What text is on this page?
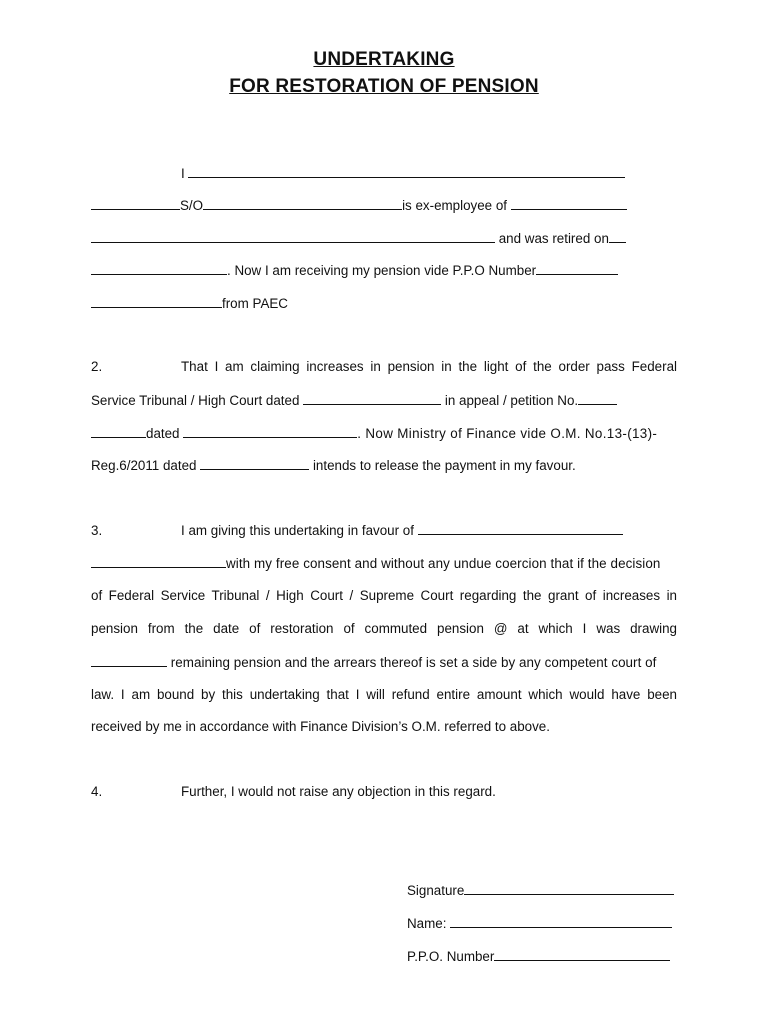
UNDERTAKING
FOR RESTORATION OF PENSION
I
S/O	is ex-employee of
and was retired on
. Now I am receiving my pension vide P.P.O Number
from PAEC
2.	That I am claiming increases in pension in the light of the order pass Federal
Service Tribunal / High Court dated	in appeal / petition No.
dated	. Now Ministry of Finance vide O.M. No.13-(13)-
Reg.6/2011 dated	intends to release the payment in my favour.
3.	I am giving this undertaking in favour of
with my free consent and without any undue coercion that if the decision
of Federal Service Tribunal / High Court / Supreme Court regarding the grant of increases in
pension from the date of restoration of commuted pension @ at which I was drawing
remaining pension and the arrears thereof is set a side by any competent court of
law. I am bound by this undertaking that I will refund entire amount which would have been
received by me in accordance with Finance Division’s O.M. referred to above.
4.	Further, I would not raise any objection in this regard.
Signature
Name:
P.P.O. Number
